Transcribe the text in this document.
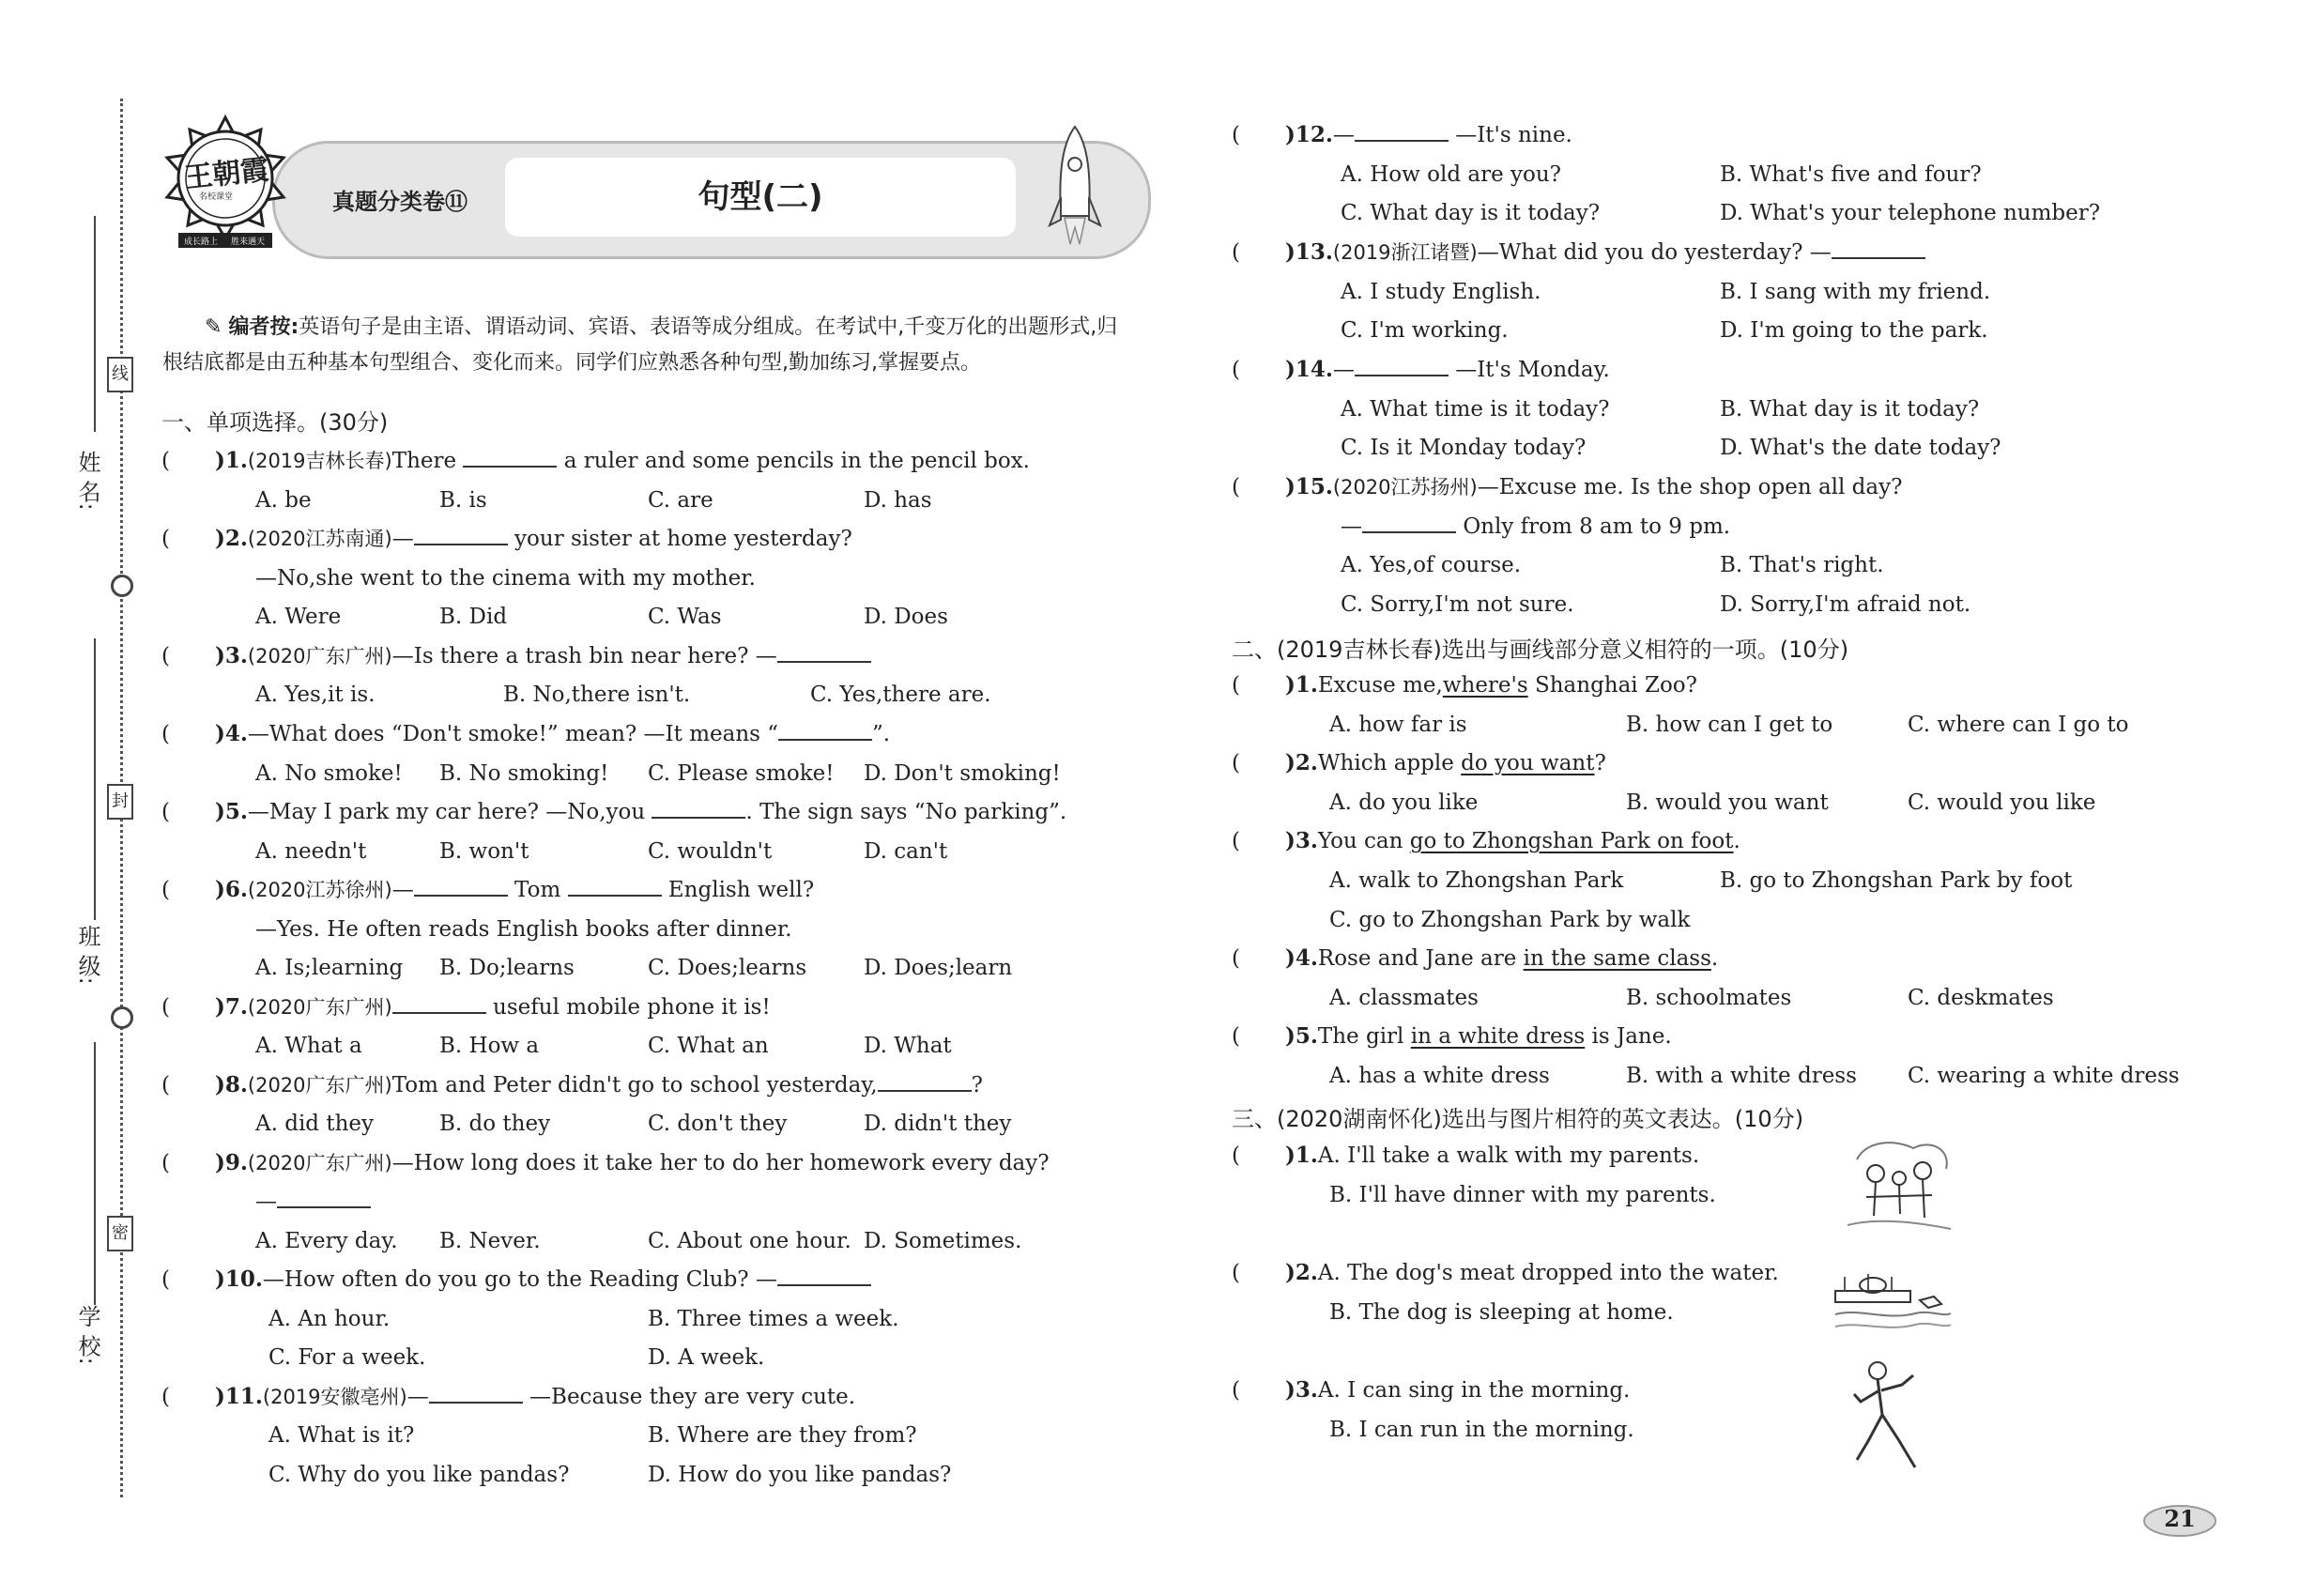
姓 名:
班 级:
学 校:
线
封
密
王朝霞
名校课堂
成长路上 胜来遇天
真题分类卷⑪	句型(二)
✎ 编者按:英语句子是由主语、谓语动词、宾语、表语等成分组成。在考试中,千变万化的出题形式,归
根结底都是由五种基本句型组合、变化而来。同学们应熟悉各种句型,勤加练习,掌握要点。
一、单项选择。(30分)
( )1.(2019吉林长春)There	a ruler and some pencils in the pencil box.
A. be	B. is	C. are	D. has
( )2.(2020江苏南通)—	your sister at home yesterday?
—No,she went to the cinema with my mother.
A. Were	B. Did	C. Was	D. Does
( )3.(2020广东广州)—Is there a trash bin near here? —
A. Yes,it is.	B. No,there isn't.	C. Yes,there are.
( )4.—What does “Don't smoke!” mean? —It means “	”.
A. No smoke! B. No smoking! C. Please smoke! D. Don't smoking!
( )5.—May I park my car here? —No,you	. The sign says “No parking”.
A. needn't	B. won't	C. wouldn't	D. can't
( )6.(2020江苏徐州)—	Tom	English well?
—Yes. He often reads English books after dinner.
A. Is;learning B. Do;learns	C. Does;learns	D. Does;learn
( )7.(2020广东广州)	useful mobile phone it is!
A. What a	B. How a	C. What an	D. What
( )8.(2020广东广州)Tom and Peter didn't go to school yesterday,	?
A. did they	B. do they	C. don't they	D. didn't they
( )9.(2020广东广州)—How long does it take her to do her homework every day?
—
A. Every day. B. Never.	C. About one hour. D. Sometimes.
( )10.—How often do you go to the Reading Club? —
A. An hour.	B. Three times a week.
C. For a week.	D. A week.
( )11.(2019安徽亳州)—	—Because they are very cute.
A. What is it?	B. Where are they from?
C. Why do you like pandas?	D. How do you like pandas?
( )12.—	—It's nine.
A. How old are you?	B. What's five and four?
C. What day is it today?	D. What's your telephone number?
( )13.(2019浙江诸暨)—What did you do yesterday? —
A. I study English.	B. I sang with my friend.
C. I'm working.	D. I'm going to the park.
( )14.—	—It's Monday.
A. What time is it today?	B. What day is it today?
C. Is it Monday today?	D. What's the date today?
( )15.(2020江苏扬州)—Excuse me. Is the shop open all day?
—	Only from 8 am to 9 pm.
A. Yes,of course.	B. That's right.
C. Sorry,I'm not sure.	D. Sorry,I'm afraid not.
二、(2019吉林长春)选出与画线部分意义相符的一项。(10分)
( )1.Excuse me,where's Shanghai Zoo?
A. how far is	B. how can I get to	C. where can I go to
( )2.Which apple do you want?
A. do you like	B. would you want	C. would you like
( )3.You can go to Zhongshan Park on foot.
A. walk to Zhongshan Park	B. go to Zhongshan Park by foot
C. go to Zhongshan Park by walk
( )4.Rose and Jane are in the same class.
A. classmates	B. schoolmates	C. deskmates
( )5.The girl in a white dress is Jane.
A. has a white dress	B. with a white dress C. wearing a white dress
三、(2020湖南怀化)选出与图片相符的英文表达。(10分)
( )1.A. I'll take a walk with my parents.
B. I'll have dinner with my parents.
( )2.A. The dog's meat dropped into the water.
B. The dog is sleeping at home.
( )3.A. I can sing in the morning.
B. I can run in the morning.
21
